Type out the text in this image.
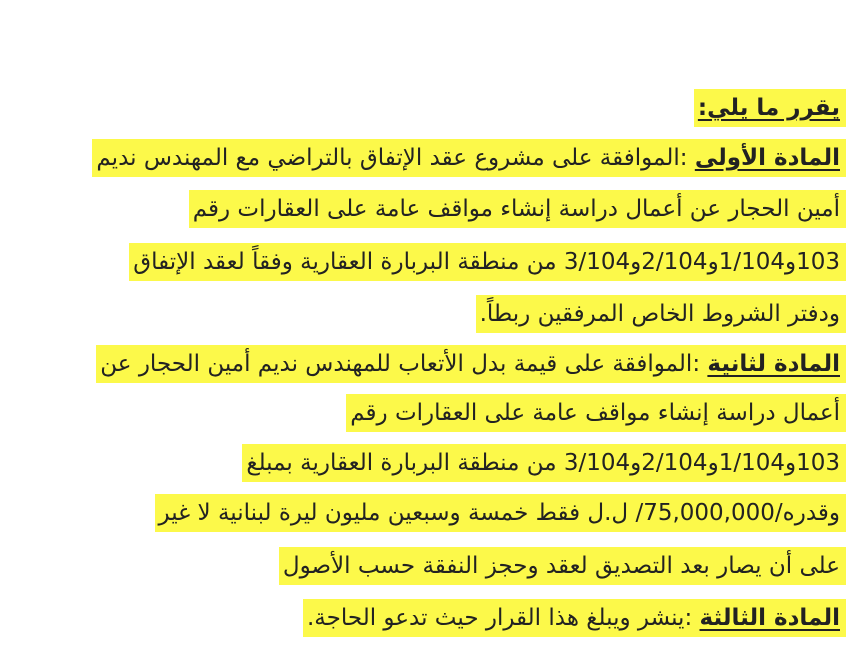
يقرر ما يلي:
المادة الأولى :الموافقة على مشروع عقد الإتفاق بالتراضي مع المهندس نديم
أمين الحجار عن أعمال دراسة إنشاء مواقف عامة على العقارات رقم
103و1/104و2/104و3/104 من منطقة البربارة العقارية وفقاً لعقد الإتفاق
ودفتر الشروط الخاص المرفقين ربطاً.
المادة لثانية :الموافقة على قيمة بدل الأتعاب للمهندس نديم أمين الحجار عن
أعمال دراسة إنشاء مواقف عامة على العقارات رقم
103و1/104و2/104و3/104 من منطقة البربارة العقارية بمبلغ
وقدره/75,000,000/ ل.ل فقط خمسة وسبعين مليون ليرة لبنانية لا غير
على أن يصار بعد التصديق لعقد وحجز النفقة حسب الأصول
المادة الثالثة :ينشر ويبلغ هذا القرار حيث تدعو الحاجة.
